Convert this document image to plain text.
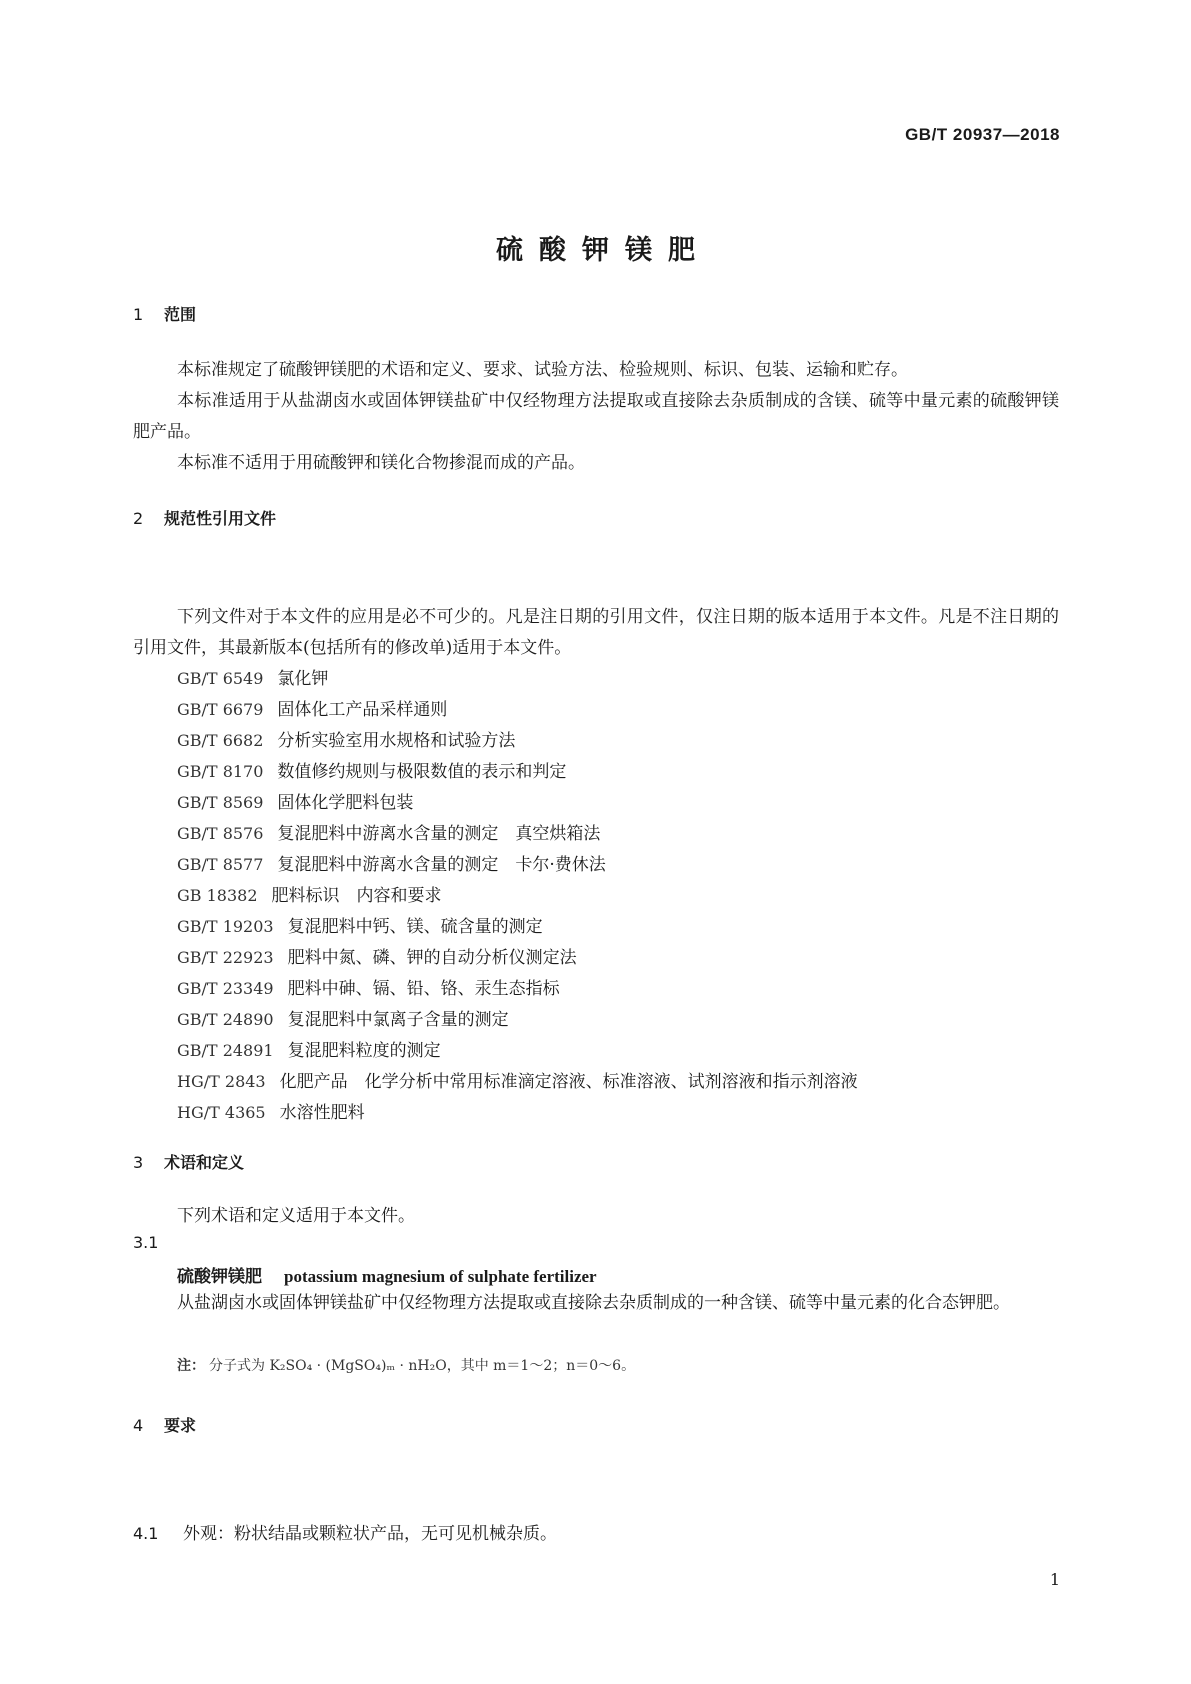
GB/T 20937—2018
硫酸钾镁肥
1 范围
本标准规定了硫酸钾镁肥的术语和定义、要求、试验方法、检验规则、标识、包装、运输和贮存。
本标准适用于从盐湖卤水或固体钾镁盐矿中仅经物理方法提取或直接除去杂质制成的含镁、硫等中量元素的硫酸钾镁肥产品。
本标准不适用于用硫酸钾和镁化合物掺混而成的产品。
2 规范性引用文件
下列文件对于本文件的应用是必不可少的。凡是注日期的引用文件，仅注日期的版本适用于本文件。凡是不注日期的引用文件，其最新版本(包括所有的修改单)适用于本文件。
GB/T 6549 氯化钾
GB/T 6679 固体化工产品采样通则
GB/T 6682 分析实验室用水规格和试验方法
GB/T 8170 数值修约规则与极限数值的表示和判定
GB/T 8569 固体化学肥料包装
GB/T 8576 复混肥料中游离水含量的测定　真空烘箱法
GB/T 8577 复混肥料中游离水含量的测定　卡尔·费休法
GB 18382 肥料标识　内容和要求
GB/T 19203 复混肥料中钙、镁、硫含量的测定
GB/T 22923 肥料中氮、磷、钾的自动分析仪测定法
GB/T 23349 肥料中砷、镉、铅、铬、汞生态指标
GB/T 24890 复混肥料中氯离子含量的测定
GB/T 24891 复混肥料粒度的测定
HG/T 2843 化肥产品　化学分析中常用标准滴定溶液、标准溶液、试剂溶液和指示剂溶液
HG/T 4365 水溶性肥料
3 术语和定义
下列术语和定义适用于本文件。
3.1
硫酸钾镁肥 potassium magnesium of sulphate fertilizer
从盐湖卤水或固体钾镁盐矿中仅经物理方法提取或直接除去杂质制成的一种含镁、硫等中量元素的化合态钾肥。
注： 分子式为 K₂SO₄ · (MgSO₄)ₘ · nH₂O，其中 m＝1～2；n＝0～6。
4 要求
4.1 外观：粉状结晶或颗粒状产品，无可见机械杂质。
1
